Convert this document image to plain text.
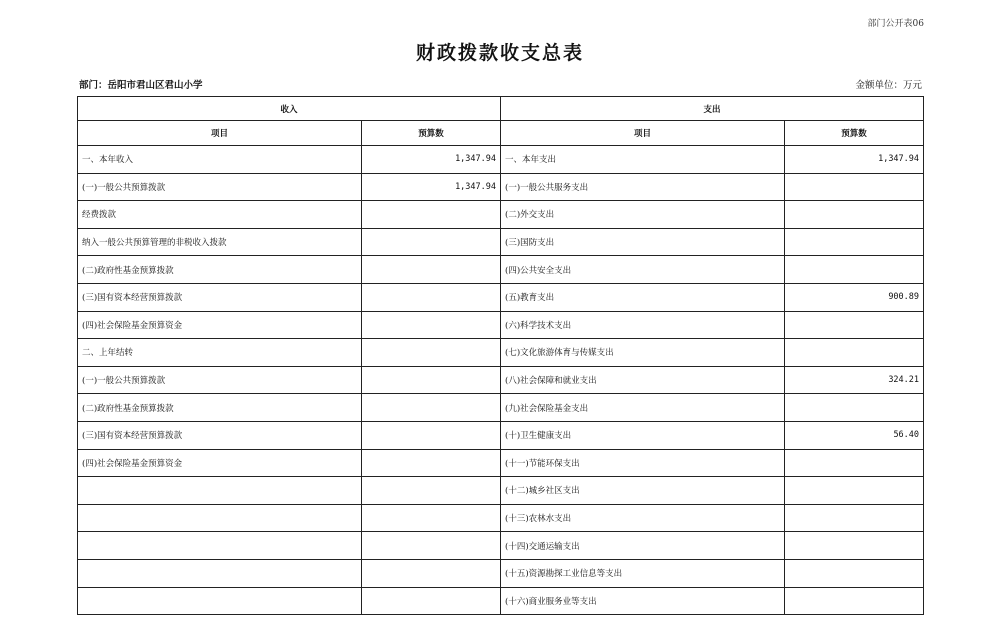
部门公开表06
财政拨款收支总表
部门：岳阳市君山区君山小学	金额单位：万元
收入		支出	
项目	预算数	项目	预算数
一、本年收入	1,347.94	一、本年支出	1,347.94
(一)一般公共预算拨款	1,347.94	(一)一般公共服务支出	
经费拨款		(二)外交支出	
纳入一般公共预算管理的非税收入拨款		(三)国防支出	
(二)政府性基金预算拨款		(四)公共安全支出	
(三)国有资本经营预算拨款		(五)教育支出	900.89
(四)社会保险基金预算资金		(六)科学技术支出	
二、上年结转		(七)文化旅游体育与传媒支出	
(一)一般公共预算拨款		(八)社会保障和就业支出	324.21
(二)政府性基金预算拨款		(九)社会保险基金支出	
(三)国有资本经营预算拨款		(十)卫生健康支出	56.40
(四)社会保险基金预算资金		(十一)节能环保支出	
		(十二)城乡社区支出	
		(十三)农林水支出	
		(十四)交通运输支出	
		(十五)资源勘探工业信息等支出	
		(十六)商业服务业等支出	
